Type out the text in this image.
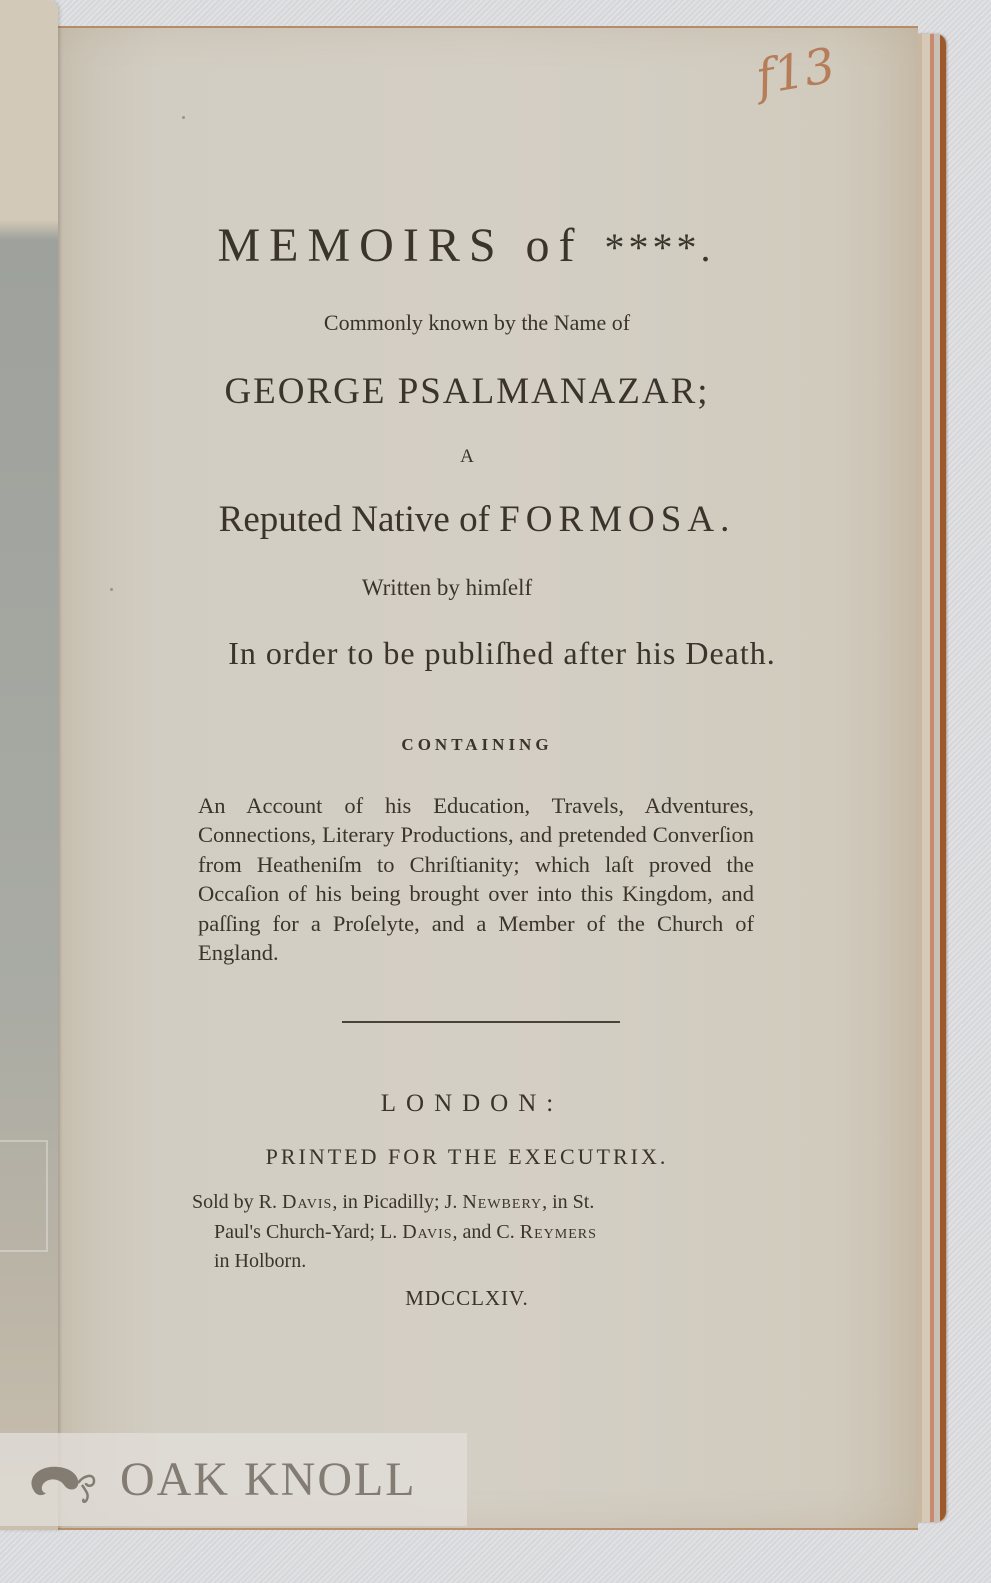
f13

MEMOIRS of ****.
Commonly known by the Name of
GEORGE PSALMANAZAR;
A
Reputed Native of FORMOSA.
Written by himſelf
In order to be publiſhed after his Death.
CONTAINING
An Account of his Education, Travels, Adventures, Connections, Literary Productions, and pretended Converſion from Heatheniſm to Chriſtianity; which laſt proved the Occaſion of his being brought over into this Kingdom, and paſſing for a Proſelyte, and a Member of the Church of England.
LONDON:
PRINTED FOR THE EXECUTRIX.
Sold by R. Davis, in Picadilly; J. Newbery, in St.
Paul's Church-Yard; L. Davis, and C. Reymers
in Holborn.
MDCCLXIV.
OAK KNOLL
